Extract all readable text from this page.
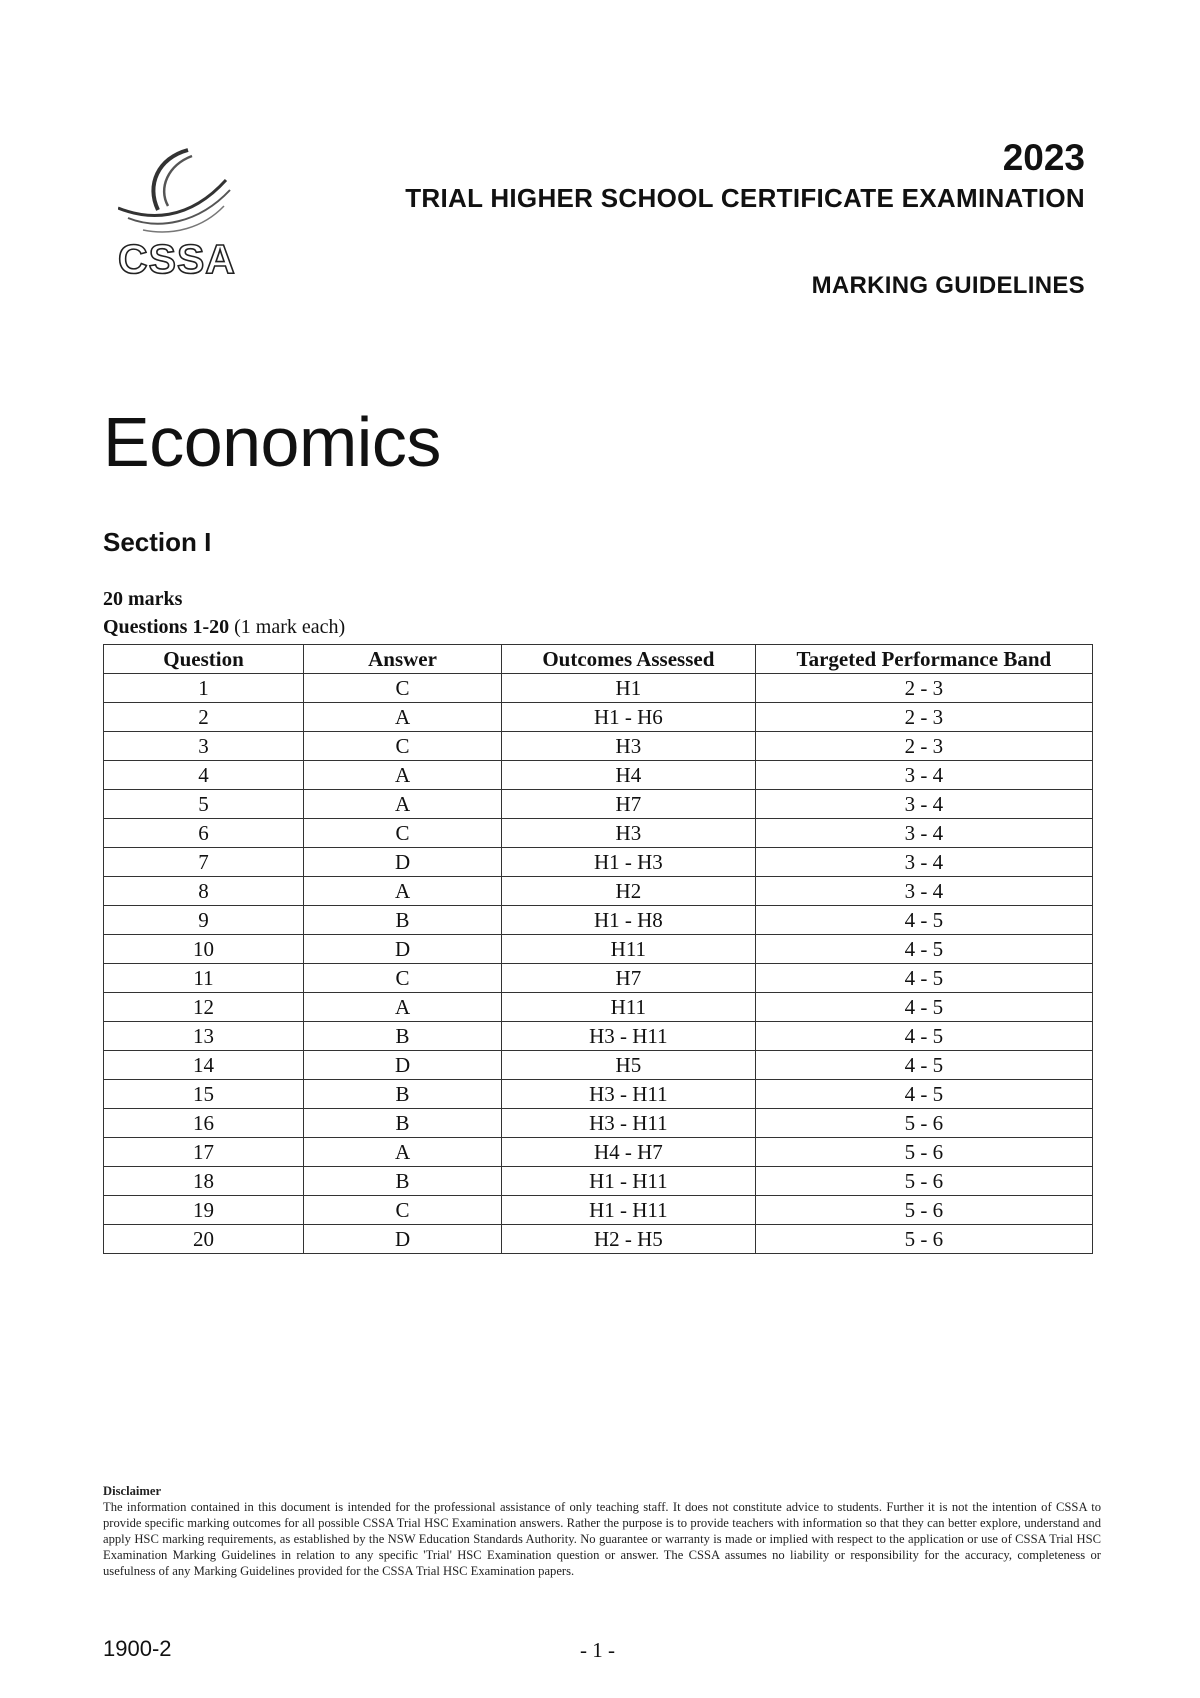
CSSA
2023
TRIAL HIGHER SCHOOL CERTIFICATE EXAMINATION
MARKING GUIDELINES
Economics
Section I
20 marks
Questions 1-20 (1 mark each)
Question	Answer	Outcomes Assessed	Targeted Performance Band
1	C	H1	2 - 3
2	A	H1 - H6	2 - 3
3	C	H3	2 - 3
4	A	H4	3 - 4
5	A	H7	3 - 4
6	C	H3	3 - 4
7	D	H1 - H3	3 - 4
8	A	H2	3 - 4
9	B	H1 - H8	4 - 5
10	D	H11	4 - 5
11	C	H7	4 - 5
12	A	H11	4 - 5
13	B	H3 - H11	4 - 5
14	D	H5	4 - 5
15	B	H3 - H11	4 - 5
16	B	H3 - H11	5 - 6
17	A	H4 - H7	5 - 6
18	B	H1 - H11	5 - 6
19	C	H1 - H11	5 - 6
20	D	H2 - H5	5 - 6
Disclaimer
The information contained in this document is intended for the professional assistance of only teaching staff. It does not constitute advice to students. Further it is not the intention of CSSA to provide specific marking outcomes for all possible CSSA Trial HSC Examination answers. Rather the purpose is to provide teachers with information so that they can better explore, understand and apply HSC marking requirements, as established by the NSW Education Standards Authority. No guarantee or warranty is made or implied with respect to the application or use of CSSA Trial HSC Examination Marking Guidelines in relation to any specific 'Trial' HSC Examination question or answer. The CSSA assumes no liability or responsibility for the accuracy, completeness or usefulness of any Marking Guidelines provided for the CSSA Trial HSC Examination papers.
1900-2	- 1 -
